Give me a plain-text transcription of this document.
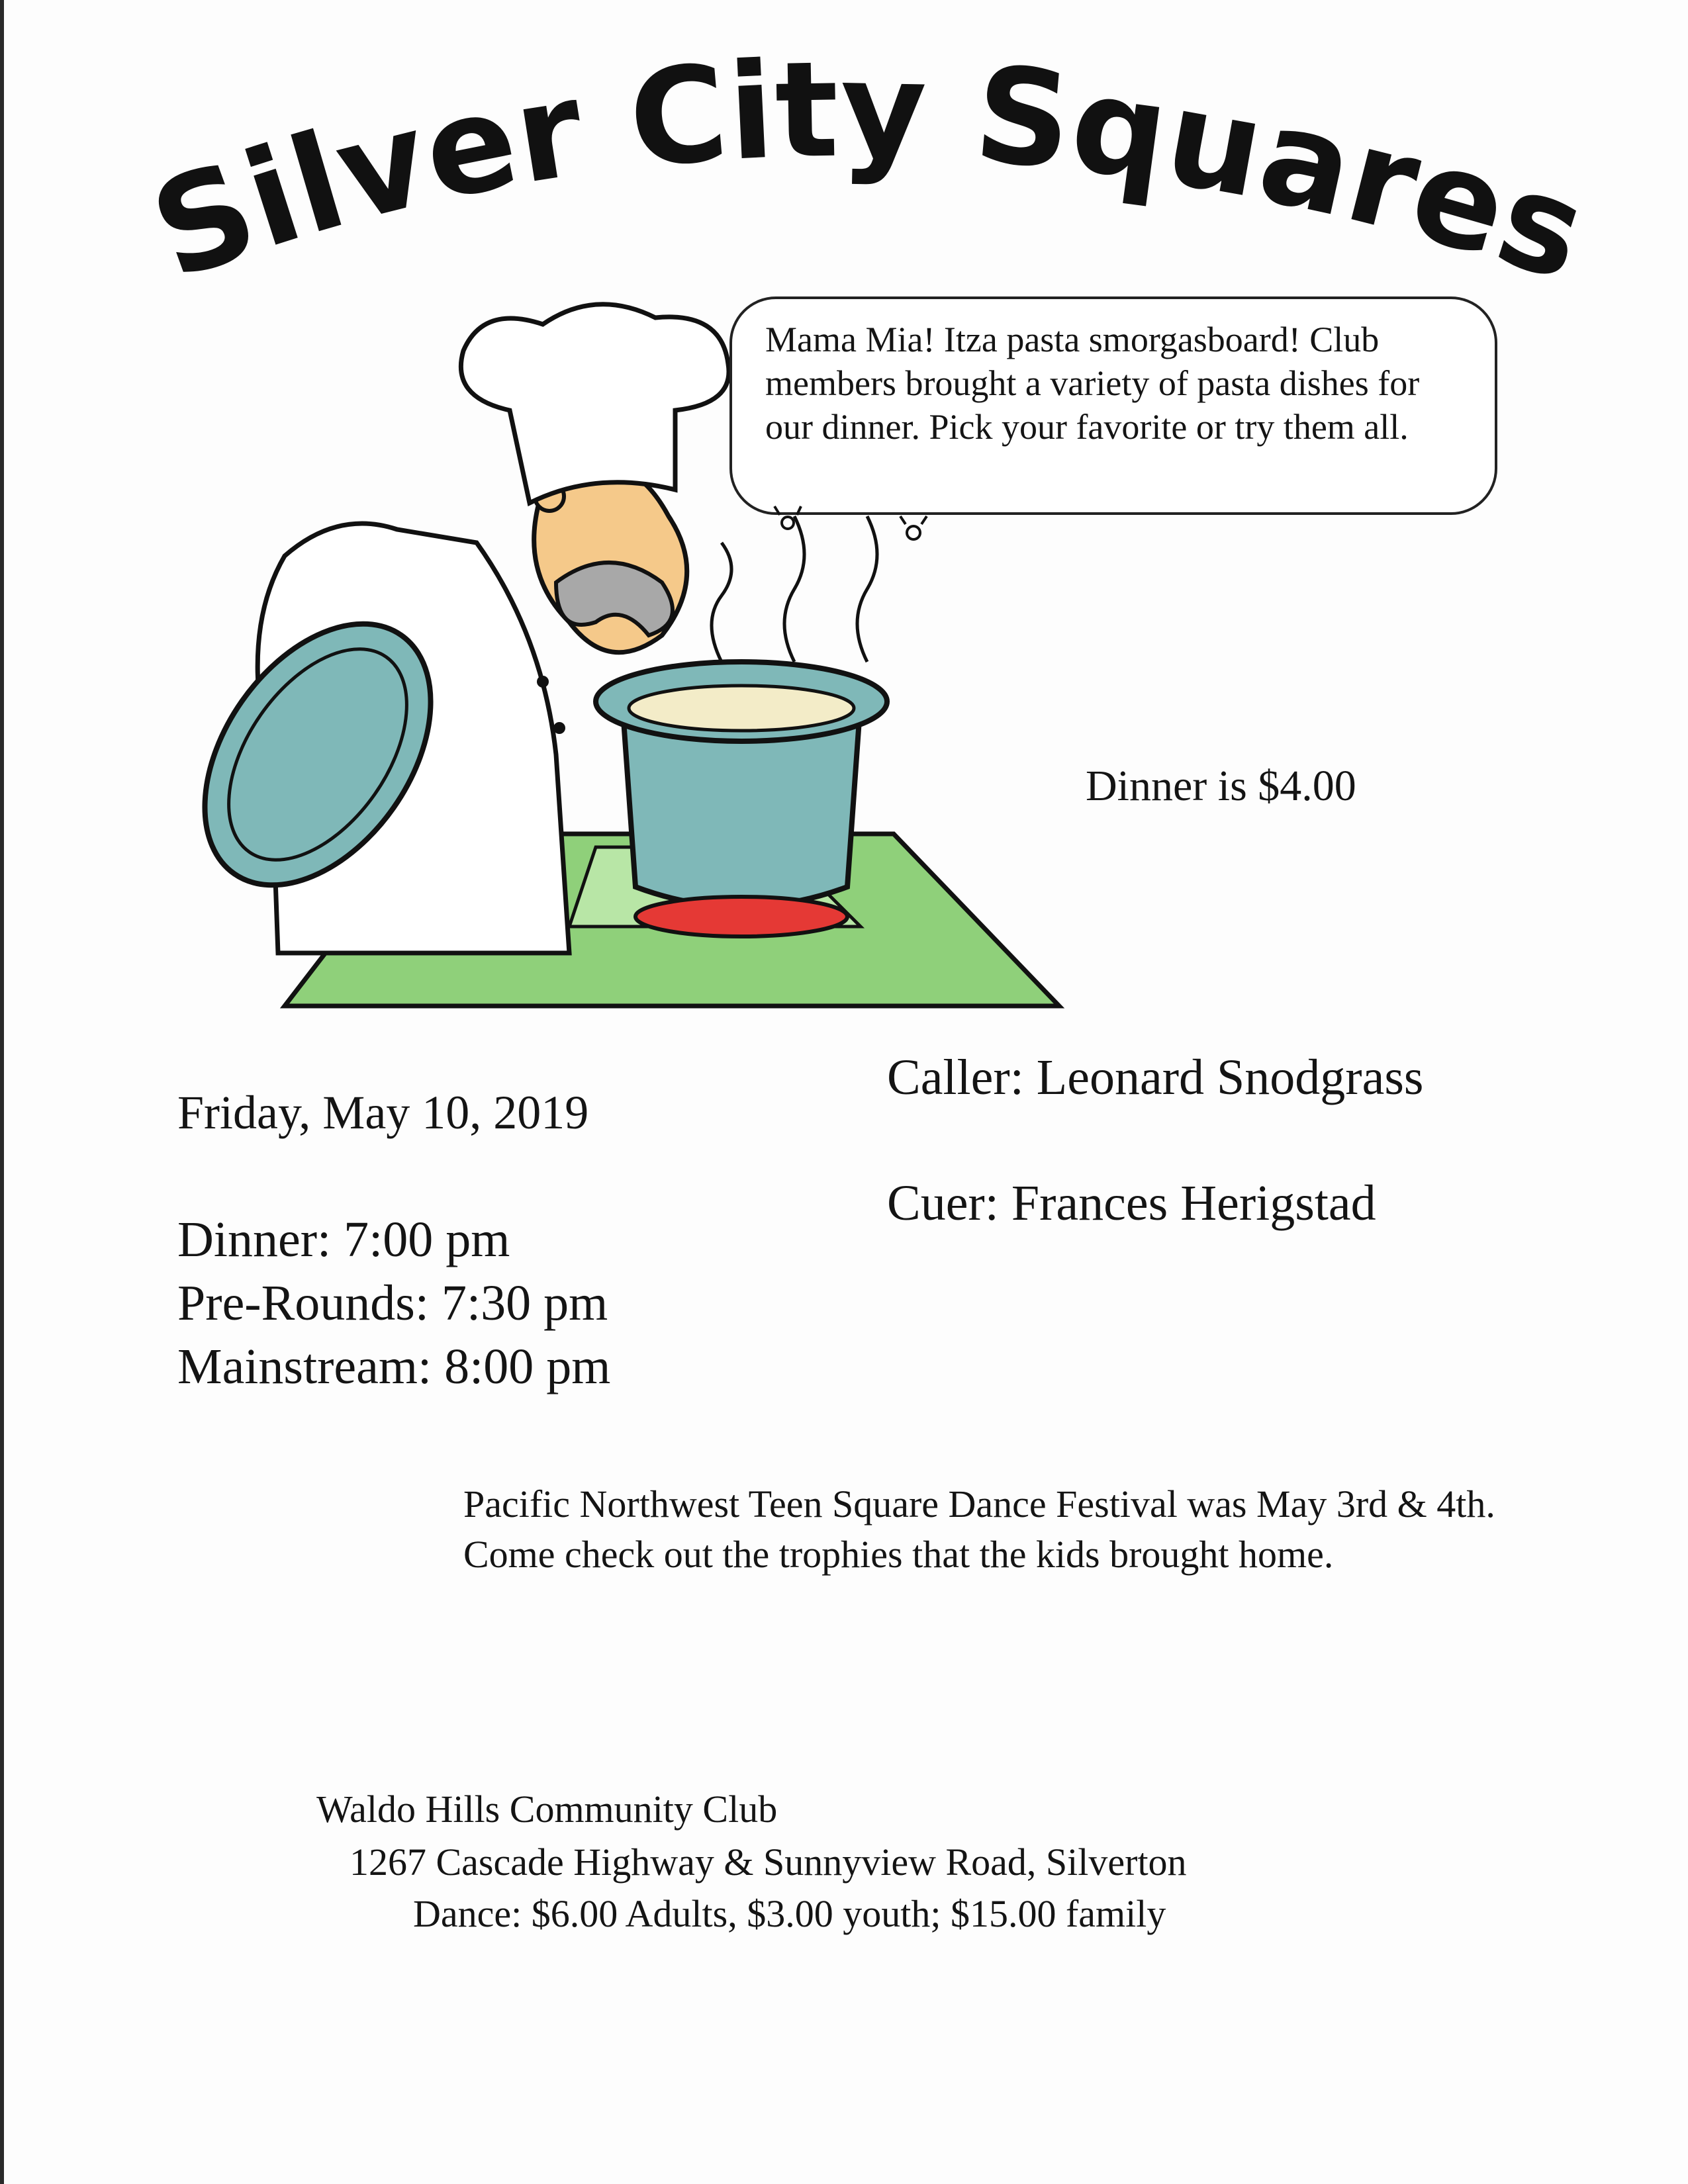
Silver City Squares
Mama Mia! Itza pasta smorgasboard! Club members brought a variety of pasta dishes for our dinner. Pick your favorite or try them all.
Dinner is $4.00
Friday, May 10, 2019
Caller: Leonard Snodgrass
Cuer: Frances Herigstad
Dinner: 7:00 pm
Pre-Rounds: 7:30 pm
Mainstream: 8:00 pm
Pacific Northwest Teen Square Dance Festival was May 3rd & 4th.
Come check out the trophies that the kids brought home.
Waldo Hills Community Club
1267 Cascade Highway & Sunnyview Road, Silverton
Dance: $6.00 Adults, $3.00 youth; $15.00 family
